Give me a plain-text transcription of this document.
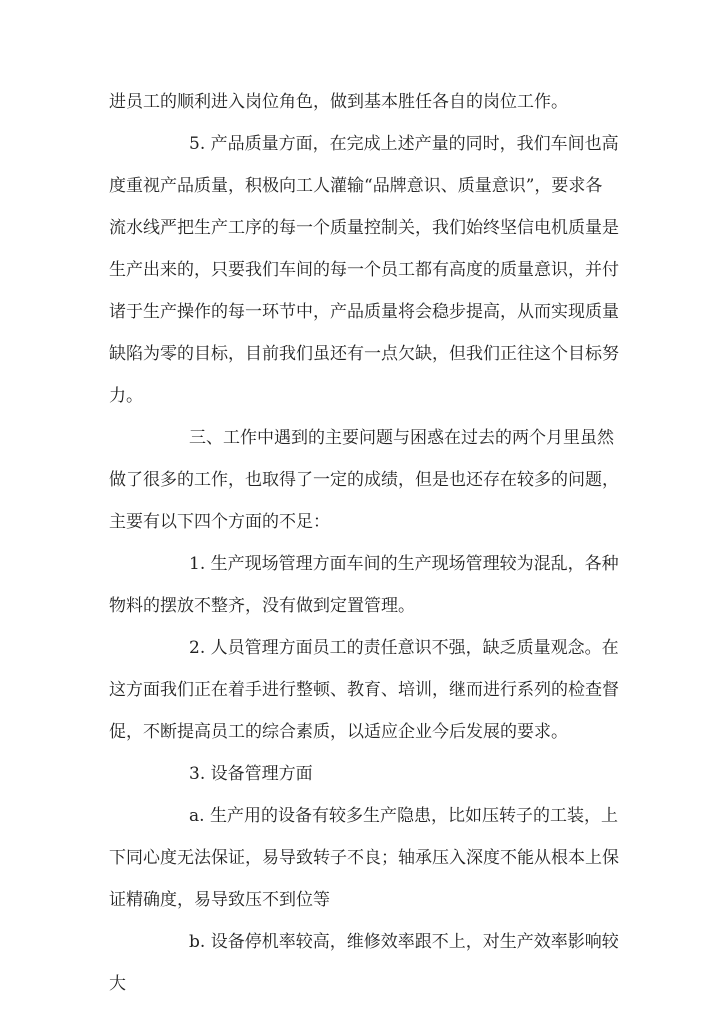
进员工的顺利进入岗位角色，做到基本胜任各自的岗位工作。
5. 产品质量方面，在完成上述产量的同时，我们车间也高
度重视产品质量，积极向工人灌输“品牌意识、质量意识”，要求各
流水线严把生产工序的每一个质量控制关，我们始终坚信电机质量是
生产出来的，只要我们车间的每一个员工都有高度的质量意识，并付
诸于生产操作的每一环节中，产品质量将会稳步提高，从而实现质量
缺陷为零的目标，目前我们虽还有一点欠缺，但我们正往这个目标努
力。
三、工作中遇到的主要问题与困惑在过去的两个月里虽然
做了很多的工作，也取得了一定的成绩，但是也还存在较多的问题，
主要有以下四个方面的不足：
1. 生产现场管理方面车间的生产现场管理较为混乱，各种
物料的摆放不整齐，没有做到定置管理。
2. 人员管理方面员工的责任意识不强，缺乏质量观念。在
这方面我们正在着手进行整顿、教育、培训，继而进行系列的检查督
促，不断提高员工的综合素质，以适应企业今后发展的要求。
3. 设备管理方面
a. 生产用的设备有较多生产隐患，比如压转子的工装，上
下同心度无法保证，易导致转子不良；轴承压入深度不能从根本上保
证精确度，易导致压不到位等
b. 设备停机率较高，维修效率跟不上，对生产效率影响较
大
